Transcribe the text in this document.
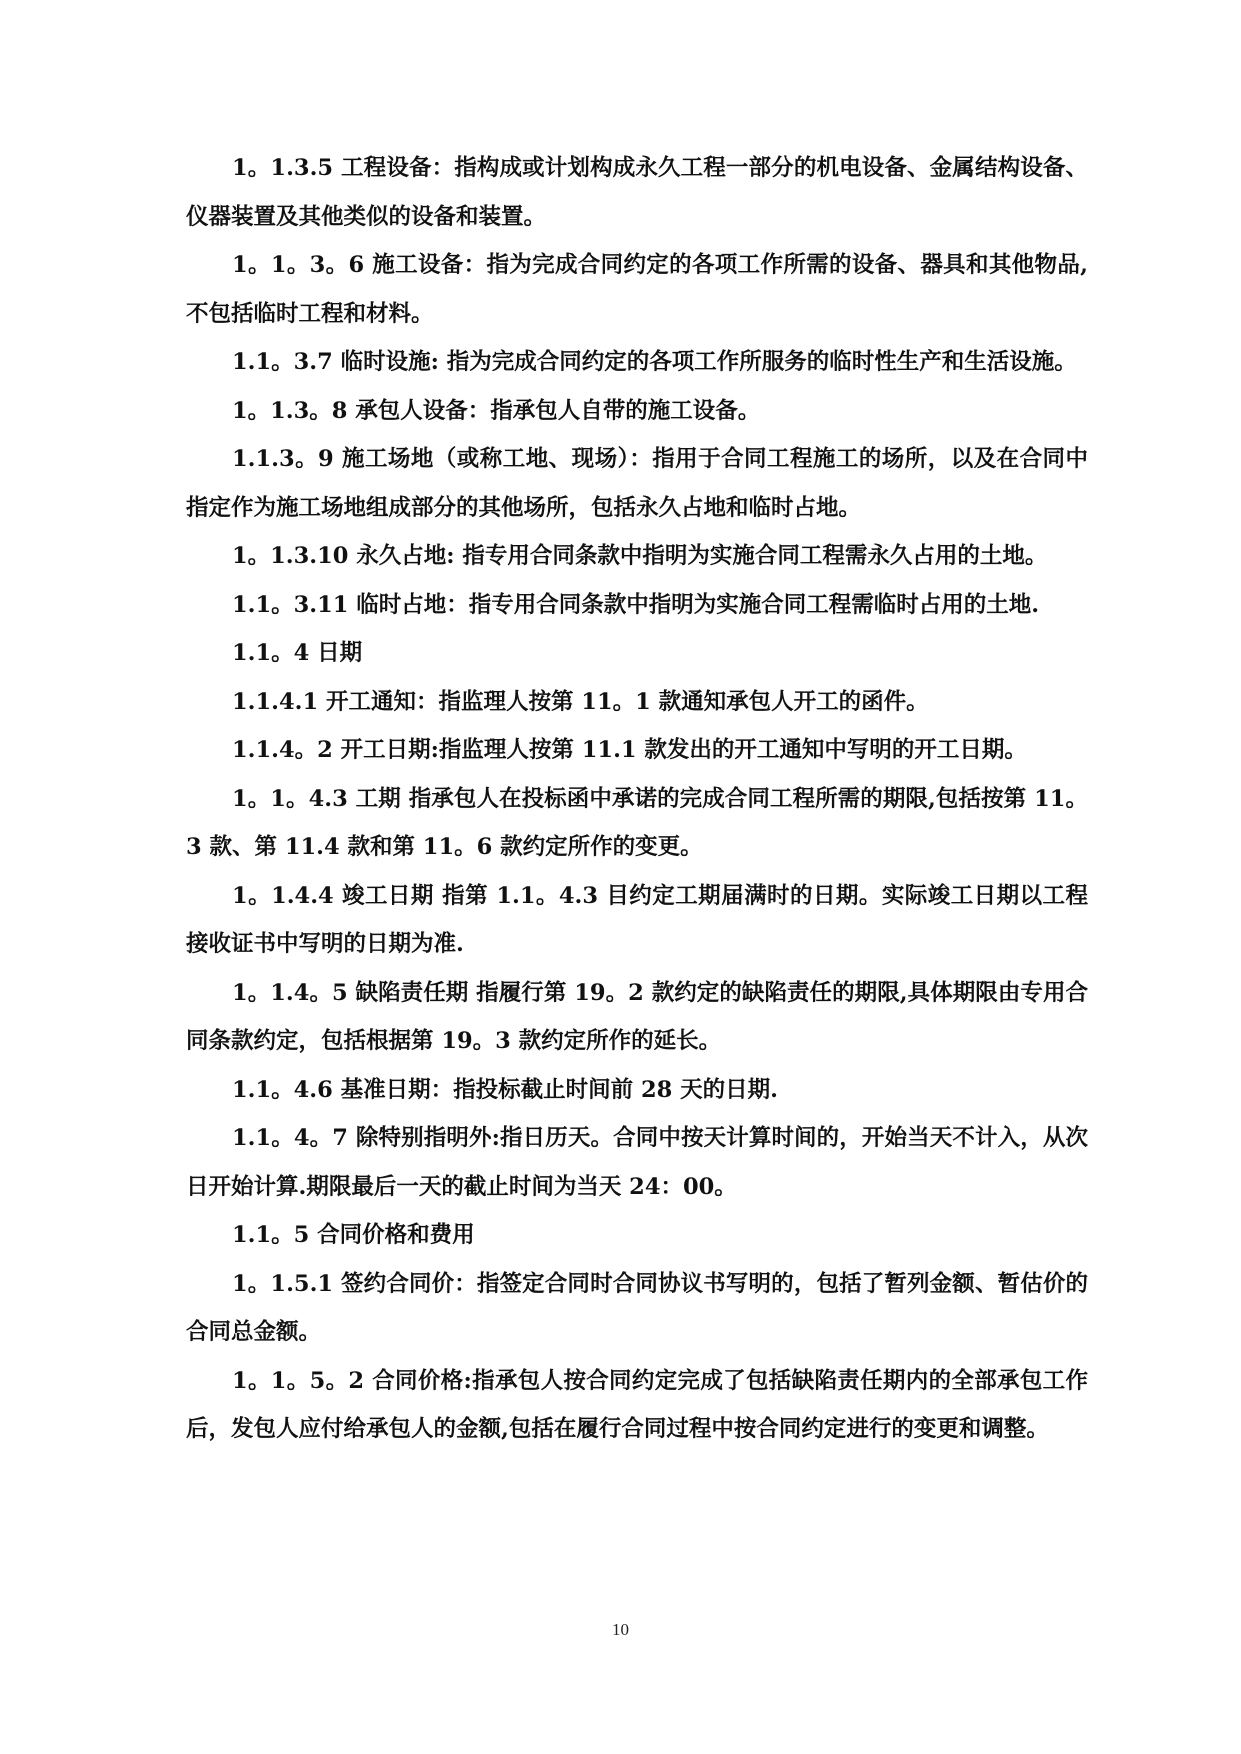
1。1.3.5 工程设备：指构成或计划构成永久工程一部分的机电设备、金属结构设备、仪器装置及其他类似的设备和装置。

1。1。3。6 施工设备：指为完成合同约定的各项工作所需的设备、器具和其他物品,不包括临时工程和材料。

1.1。3.7 临时设施: 指为完成合同约定的各项工作所服务的临时性生产和生活设施。

1。1.3。8 承包人设备：指承包人自带的施工设备。

1.1.3。9 施工场地（或称工地、现场）：指用于合同工程施工的场所，以及在合同中指定作为施工场地组成部分的其他场所，包括永久占地和临时占地。

1。1.3.10 永久占地: 指专用合同条款中指明为实施合同工程需永久占用的土地。

1.1。3.11 临时占地：指专用合同条款中指明为实施合同工程需临时占用的土地.

1.1。4 日期

1.1.4.1 开工通知：指监理人按第 11。1 款通知承包人开工的函件。

1.1.4。2 开工日期:指监理人按第 11.1 款发出的开工通知中写明的开工日期。

1。1。4.3 工期 指承包人在投标函中承诺的完成合同工程所需的期限,包括按第 11。3 款、第 11.4 款和第 11。6 款约定所作的变更。

1。1.4.4 竣工日期 指第 1.1。4.3 目约定工期届满时的日期。实际竣工日期以工程接收证书中写明的日期为准.

1。1.4。5 缺陷责任期 指履行第 19。2 款约定的缺陷责任的期限,具体期限由专用合同条款约定，包括根据第 19。3 款约定所作的延长。

1.1。4.6 基准日期：指投标截止时间前 28 天的日期.

1.1。4。7 除特别指明外:指日历天。合同中按天计算时间的，开始当天不计入，从次日开始计算.期限最后一天的截止时间为当天 24：00。

1.1。5 合同价格和费用

1。1.5.1 签约合同价：指签定合同时合同协议书写明的，包括了暂列金额、暂估价的合同总金额。

1。1。5。2 合同价格:指承包人按合同约定完成了包括缺陷责任期内的全部承包工作后，发包人应付给承包人的金额,包括在履行合同过程中按合同约定进行的变更和调整。

10
